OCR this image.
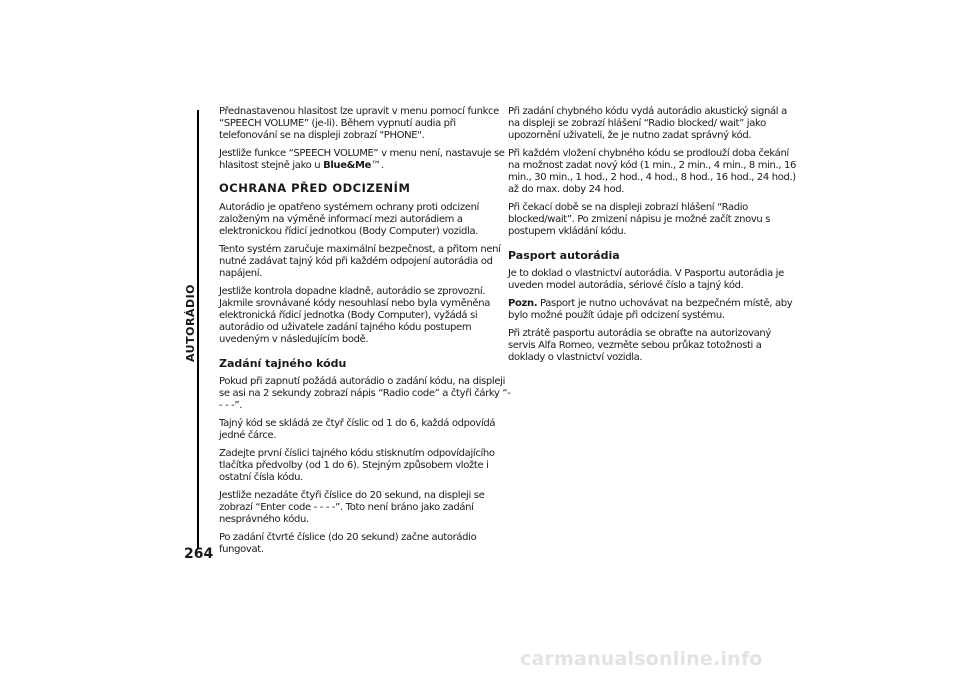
AUTORÁDIO
264

Přednastavenou hlasitost lze upravit v menu pomocí funkce “SPEECH VOLUME” (je-li). Během vypnutí audia při telefonování se na displeji zobrazí "PHONE".

Jestliže funkce “SPEECH VOLUME” v menu není, nastavuje se hlasitost stejně jako u Blue&Me™.

OCHRANA PŘED ODCIZENÍM

Autorádio je opatřeno systémem ochrany proti odcizení založeným na výměně informací mezi autorádiem a elektronickou řídicí jednotkou (Body Computer) vozidla.

Tento systém zaručuje maximální bezpečnost, a přitom není nutné zadávat tajný kód při každém odpojení autorádia od napájení.

Jestliže kontrola dopadne kladně, autorádio se zprovozní. Jakmile srovnávané kódy nesouhlasí nebo byla vyměněna elektronická řídicí jednotka (Body Computer), vyžádá si autorádio od uživatele zadání tajného kódu postupem uvedeným v následujícím bodě.

Zadání tajného kódu

Pokud při zapnutí požádá autorádio o zadání kódu, na displeji se asi na 2 sekundy zobrazí nápis “Radio code” a čtyři čárky “- - - -”.

Tajný kód se skládá ze čtyř číslic od 1 do 6, každá odpovídá jedné čárce.

Zadejte první číslici tajného kódu stisknutím odpovídajícího tlačítka předvolby (od 1 do 6). Stejným způsobem vložte i ostatní čísla kódu.

Jestliže nezadáte čtyři číslice do 20 sekund, na displeji se zobrazí “Enter code - - - -”. Toto není bráno jako zadání nesprávného kódu.

Po zadání čtvrté číslice (do 20 sekund) začne autorádio fungovat.

Při zadání chybného kódu vydá autorádio akustický signál a na displeji se zobrazí hlášení “Radio blocked/ wait” jako upozornění uživateli, že je nutno zadat správný kód.

Při každém vložení chybného kódu se prodlouží doba čekání na možnost zadat nový kód (1 min., 2 min., 4 min., 8 min., 16 min., 30 min., 1 hod., 2 hod., 4 hod., 8 hod., 16 hod., 24 hod.) až do max. doby 24 hod.

Při čekací době se na displeji zobrazí hlášení “Radio blocked/wait”. Po zmizení nápisu je možné začít znovu s postupem vkládání kódu.

Pasport autorádia

Je to doklad o vlastnictví autorádia. V Pasportu autorádia je uveden model autorádia, sériové číslo a tajný kód.

Pozn. Pasport je nutno uchovávat na bezpečném místě, aby bylo možné použít údaje při odcizení systému.

Při ztrátě pasportu autorádia se obraťte na autorizovaný servis Alfa Romeo, vezměte sebou průkaz totožnosti a doklady o vlastnictví vozidla.

carmanualsonline.info
